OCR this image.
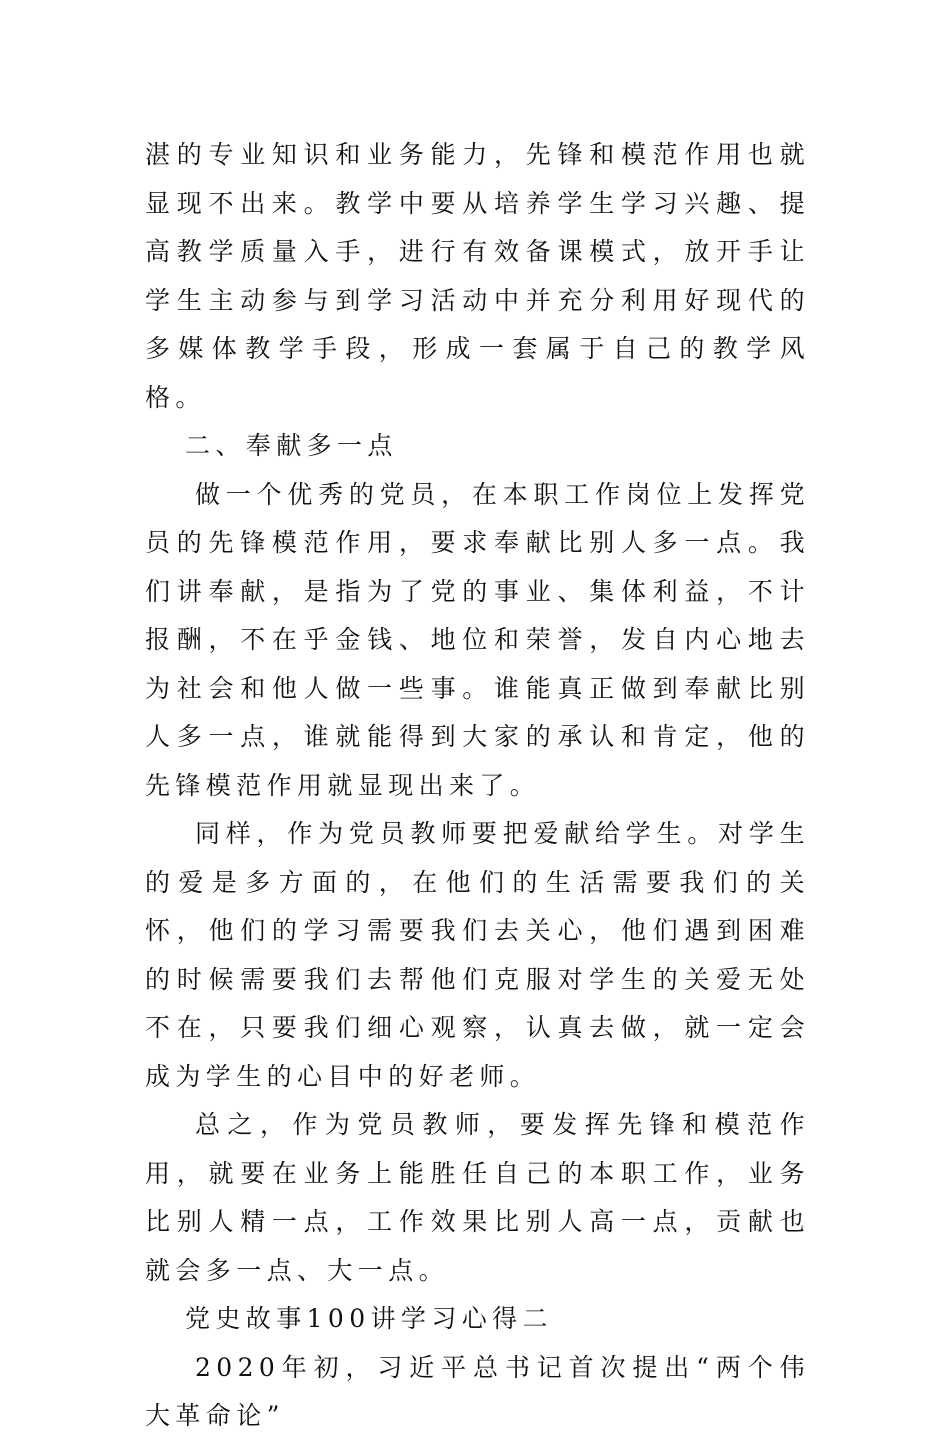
湛的专业知识和业务能力，先锋和模范作用也就显现不出来。教学中要从培养学生学习兴趣、提高教学质量入手，进行有效备课模式，放开手让学生主动参与到学习活动中并充分利用好现代的多媒体教学手段，形成一套属于自己的教学风格。

二、奉献多一点

做一个优秀的党员，在本职工作岗位上发挥党员的先锋模范作用，要求奉献比别人多一点。我们讲奉献，是指为了党的事业、集体利益，不计报酬，不在乎金钱、地位和荣誉，发自内心地去为社会和他人做一些事。谁能真正做到奉献比别人多一点，谁就能得到大家的承认和肯定，他的先锋模范作用就显现出来了。

同样，作为党员教师要把爱献给学生。对学生的爱是多方面的，在他们的生活需要我们的关怀，他们的学习需要我们去关心，他们遇到困难的时候需要我们去帮他们克服对学生的关爱无处不在，只要我们细心观察，认真去做，就一定会成为学生的心目中的好老师。

总之，作为党员教师，要发挥先锋和模范作用，就要在业务上能胜任自己的本职工作，业务比别人精一点，工作效果比别人高一点，贡献也就会多一点、大一点。

党史故事100讲学习心得二

2020年初，习近平总书记首次提出“两个伟大革命论”
